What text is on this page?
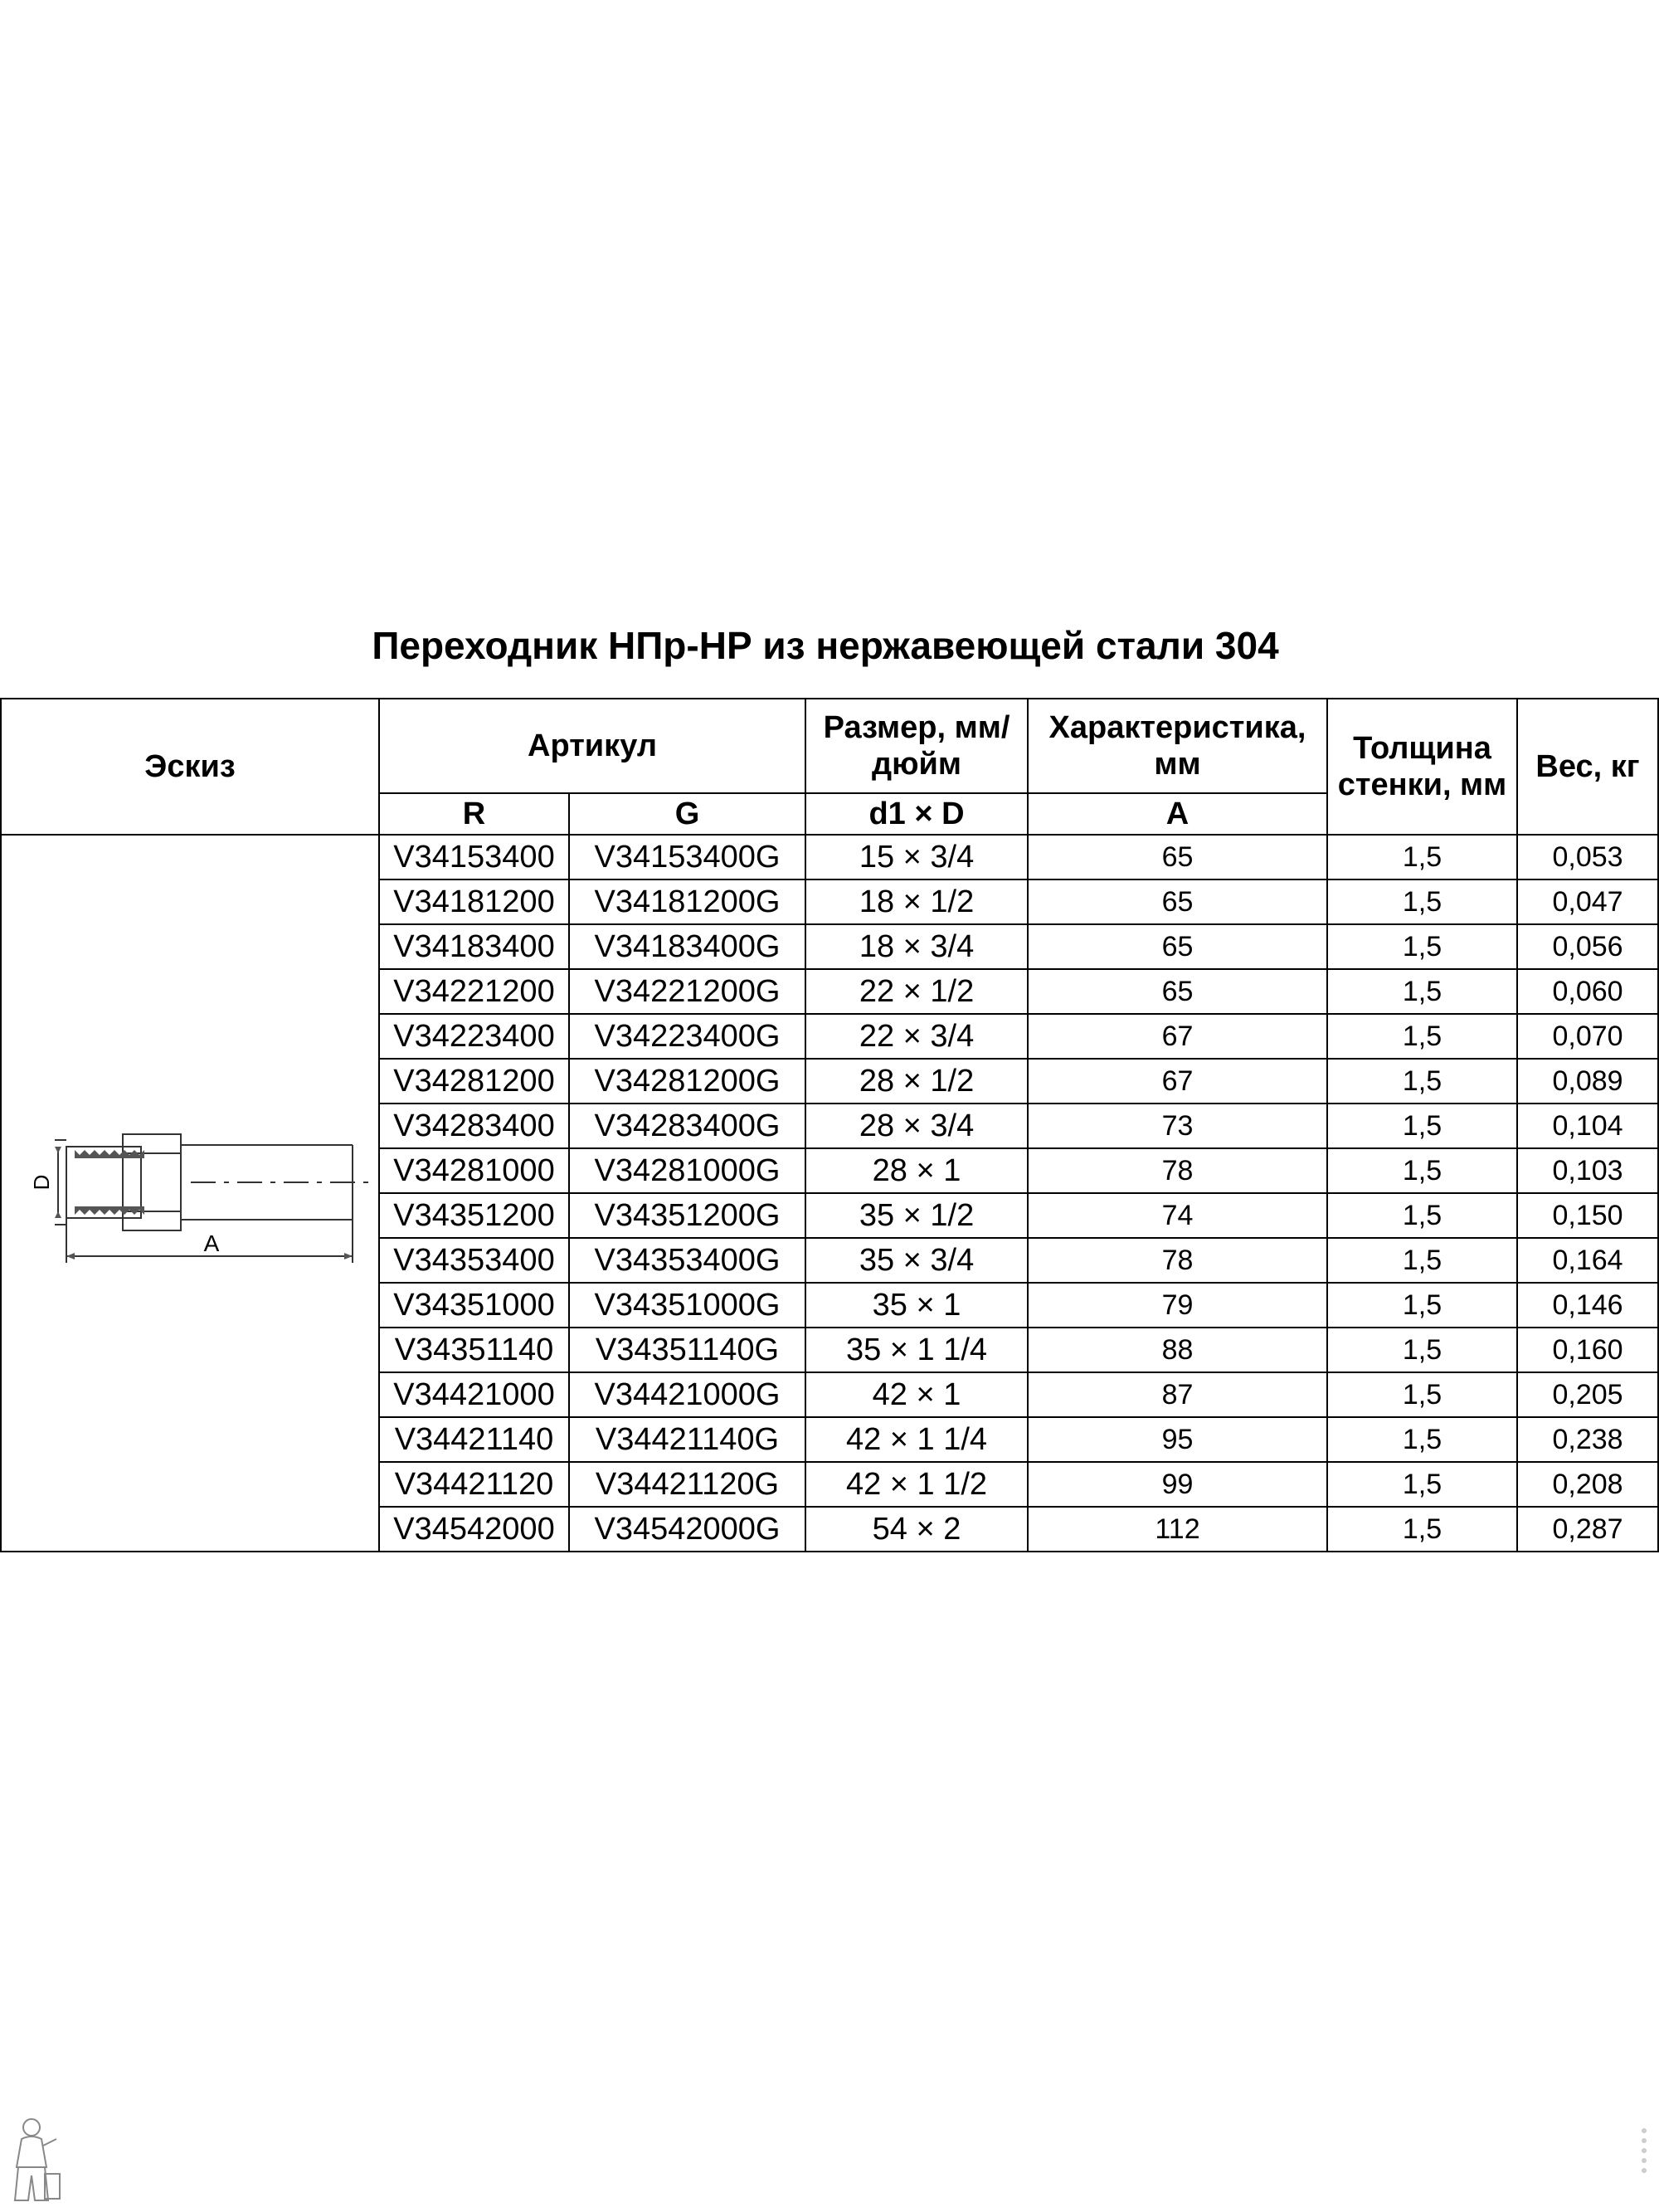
Переходник НПр-НР из нержавеющей стали 304
Эскиз	Артикул		Размер, мм/дюйм	Характеристика, мм	Толщина стенки, мм	Вес, кг
	R	G	d1 × D	A		

D
A	V34153400	V34153400G	15 × 3/4	65	1,5	0,053
	V34181200	V34181200G	18 × 1/2	65	1,5	0,047
	V34183400	V34183400G	18 × 3/4	65	1,5	0,056
	V34221200	V34221200G	22 × 1/2	65	1,5	0,060
	V34223400	V34223400G	22 × 3/4	67	1,5	0,070
	V34281200	V34281200G	28 × 1/2	67	1,5	0,089
	V34283400	V34283400G	28 × 3/4	73	1,5	0,104
	V34281000	V34281000G	28 × 1	78	1,5	0,103
	V34351200	V34351200G	35 × 1/2	74	1,5	0,150
	V34353400	V34353400G	35 × 3/4	78	1,5	0,164
	V34351000	V34351000G	35 × 1	79	1,5	0,146
	V34351140	V34351140G	35 × 1 1/4	88	1,5	0,160
	V34421000	V34421000G	42 × 1	87	1,5	0,205
	V34421140	V34421140G	42 × 1 1/4	95	1,5	0,238
	V34421120	V34421120G	42 × 1 1/2	99	1,5	0,208
	V34542000	V34542000G	54 × 2	112	1,5	0,287
